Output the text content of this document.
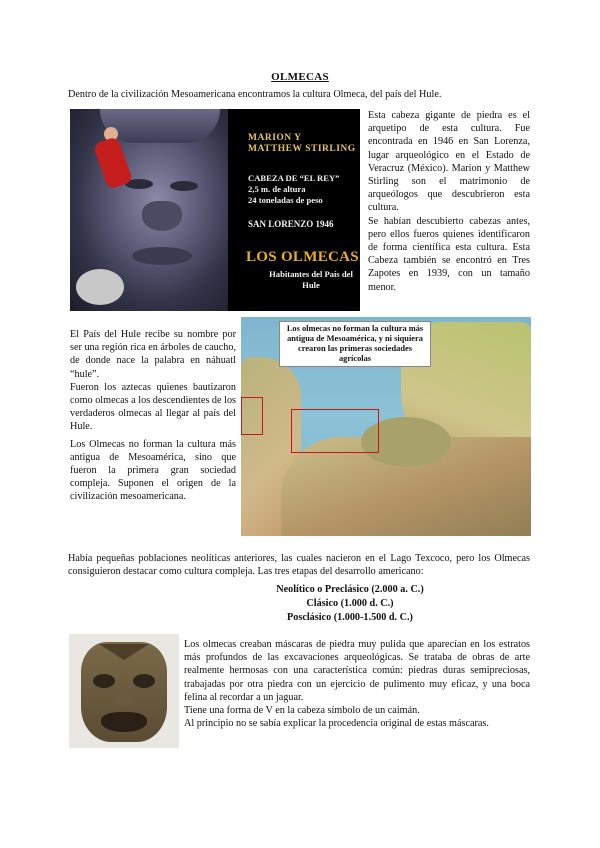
OLMECAS
Dentro de la civilización Mesoamericana encontramos la cultura Olmeca, del país del Hule.
MARION Y MATTHEW STIRLING
CABEZA DE “EL REY”
2,5 m. de altura
24 toneladas de peso
SAN LORENZO 1946
LOS OLMECAS
Habitantes del País del Hule

Esta cabeza gigante de piedra es el arquetipo de esta cultura. Fue encontrada en 1946 en San Lorenza, lugar arqueológico en el Estado de Veracruz (México). Marion y Matthew Stirling son el matrimonio de arqueólogos que descubrieron esta cultura.

Se habían descubierto cabezas antes, pero ellos fueros quienes identificaron de forma científica esta cultura. Esta Cabeza también se encontró en Tres Zapotes en 1939, con un tamaño menor.

El País del Hule recibe su nombre por ser una región rica en árboles de caucho, de donde nace la palabra en náhuatl “hule”.

Fueron los aztecas quienes bautizaron como olmecas a los descendientes de los verdaderos olmecas al llegar al país del Hule.

Los Olmecas no forman la cultura más antigua de Mesoamérica, sino que fueron la primera gran sociedad compleja. Suponen el origen de la civilización mesoamericana.

Los olmecas no forman la cultura más antigua de Mesoamérica, y ni siquiera crearon las primeras sociedades agrícolas
Había pequeñas poblaciones neolíticas anteriores, las cuales nacieron en el Lago Texcoco, pero los Olmecas consiguieron destacar como cultura compleja. Las tres etapas del desarrollo americano:
Neolítico o Preclásico (2.000 a. C.)
Clásico (1.000 d. C.)
Posclásico (1.000-1.500 d. C.)

Los olmecas creaban máscaras de piedra muy pulida que aparecían en los estratos más profundos de las excavaciones arqueológicas. Se trataba de obras de arte realmente hermosas con una característica común: piedras duras semipreciosas, trabajadas por otra piedra con un ejercicio de pulimento muy eficaz, y una boca felina al recordar a un jaguar.

Tiene una forma de V en la cabeza símbolo de un caimán.

Al principio no se sabía explicar la procedencia original de estas máscaras.
